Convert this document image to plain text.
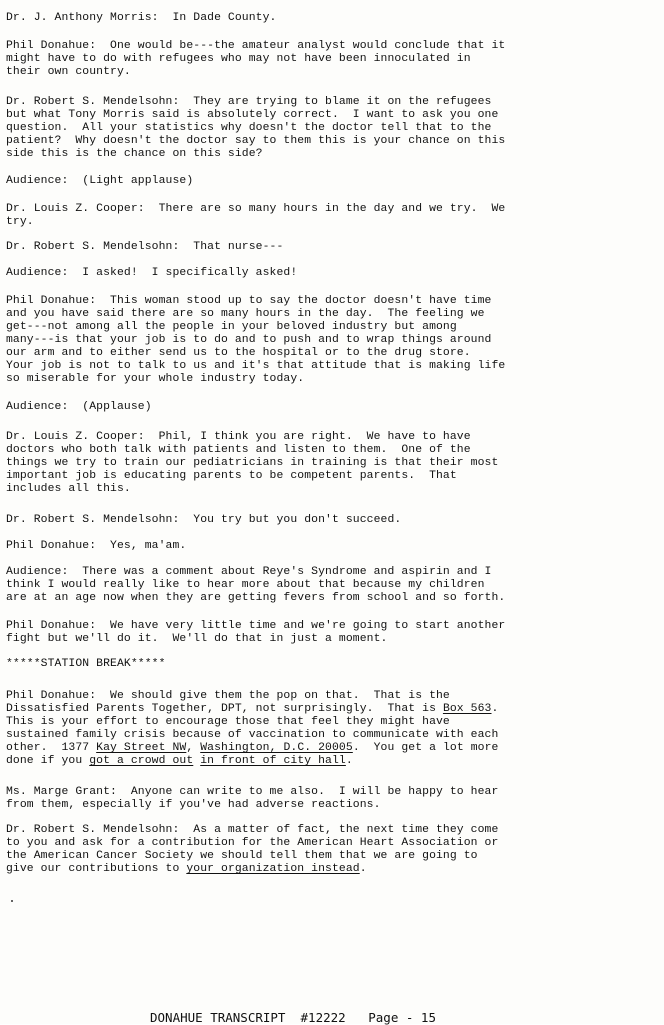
Dr. J. Anthony Morris:  In Dade County.
Phil Donahue:  One would be---the amateur analyst would conclude that it
might have to do with refugees who may not have been innoculated in
their own country.
Dr. Robert S. Mendelsohn:  They are trying to blame it on the refugees
but what Tony Morris said is absolutely correct.  I want to ask you one
question.  All your statistics why doesn't the doctor tell that to the
patient?  Why doesn't the doctor say to them this is your chance on this
side this is the chance on this side?
Audience:  (Light applause)
Dr. Louis Z. Cooper:  There are so many hours in the day and we try.  We
try.
Dr. Robert S. Mendelsohn:  That nurse---
Audience:  I asked!  I specifically asked!
Phil Donahue:  This woman stood up to say the doctor doesn't have time
and you have said there are so many hours in the day.  The feeling we
get---not among all the people in your beloved industry but among
many---is that your job is to do and to push and to wrap things around
our arm and to either send us to the hospital or to the drug store.
Your job is not to talk to us and it's that attitude that is making life
so miserable for your whole industry today.
Audience:  (Applause)
Dr. Louis Z. Cooper:  Phil, I think you are right.  We have to have
doctors who both talk with patients and listen to them.  One of the
things we try to train our pediatricians in training is that their most
important job is educating parents to be competent parents.  That
includes all this.
Dr. Robert S. Mendelsohn:  You try but you don't succeed.
Phil Donahue:  Yes, ma'am.
Audience:  There was a comment about Reye's Syndrome and aspirin and I
think I would really like to hear more about that because my children
are at an age now when they are getting fevers from school and so forth.
Phil Donahue:  We have very little time and we're going to start another
fight but we'll do it.  We'll do that in just a moment.
*****STATION BREAK*****
Phil Donahue:  We should give them the pop on that.  That is the
Dissatisfied Parents Together, DPT, not surprisingly.  That is Box 563.
This is your effort to encourage those that feel they might have
sustained family crisis because of vaccination to communicate with each
other.  1377 Kay Street NW, Washington, D.C. 20005.  You get a lot more
done if you got a crowd out in front of city hall.
Ms. Marge Grant:  Anyone can write to me also.  I will be happy to hear
from them, especially if you've had adverse reactions.
Dr. Robert S. Mendelsohn:  As a matter of fact, the next time they come
to you and ask for a contribution for the American Heart Association or
the American Cancer Society we should tell them that we are going to
give our contributions to your organization instead.
DONAHUE TRANSCRIPT  #12222   Page - 15
